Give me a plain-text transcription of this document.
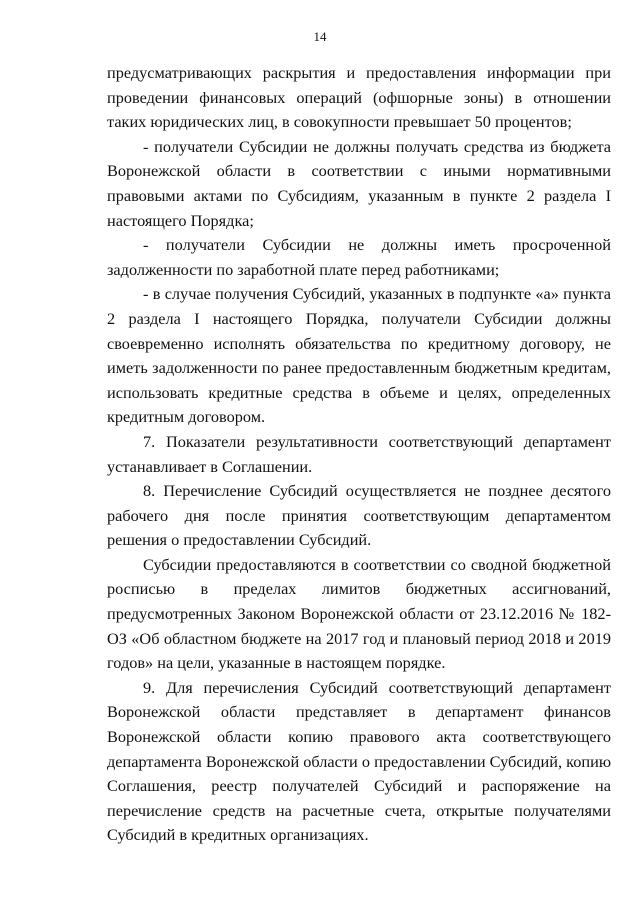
14

предусматривающих раскрытия и предоставления информации при проведении финансовых операций (офшорные зоны) в отношении таких юридических лиц, в совокупности превышает 50 процентов;

- получатели Субсидии не должны получать средства из бюджета Воронежской области в соответствии с иными нормативными правовыми актами по Субсидиям, указанным в пункте 2 раздела I настоящего Порядка;

- получатели Субсидии не должны иметь просроченной задолженности по заработной плате перед работниками;

- в случае получения Субсидий, указанных в подпункте «а» пункта 2 раздела I настоящего Порядка, получатели Субсидии должны своевременно исполнять обязательства по кредитному договору, не иметь задолженности по ранее предоставленным бюджетным кредитам, использовать кредитные средства в объеме и целях, определенных кредитным договором.

7. Показатели результативности соответствующий департамент устанавливает в Соглашении.

8. Перечисление Субсидий осуществляется не позднее десятого рабочего дня после принятия соответствующим департаментом решения о предоставлении Субсидий.

Субсидии предоставляются в соответствии со сводной бюджетной росписью в пределах лимитов бюджетных ассигнований, предусмотренных Законом Воронежской области от 23.12.2016 № 182-ОЗ «Об областном бюджете на 2017 год и плановый период 2018 и 2019 годов» на цели, указанные в настоящем порядке.

9. Для перечисления Субсидий соответствующий департамент Воронежской области представляет в департамент финансов Воронежской области копию правового акта соответствующего департамента Воронежской области о предоставлении Субсидий, копию Соглашения, реестр получателей Субсидий и распоряжение на перечисление средств на расчетные счета, открытые получателями Субсидий в кредитных организациях.
